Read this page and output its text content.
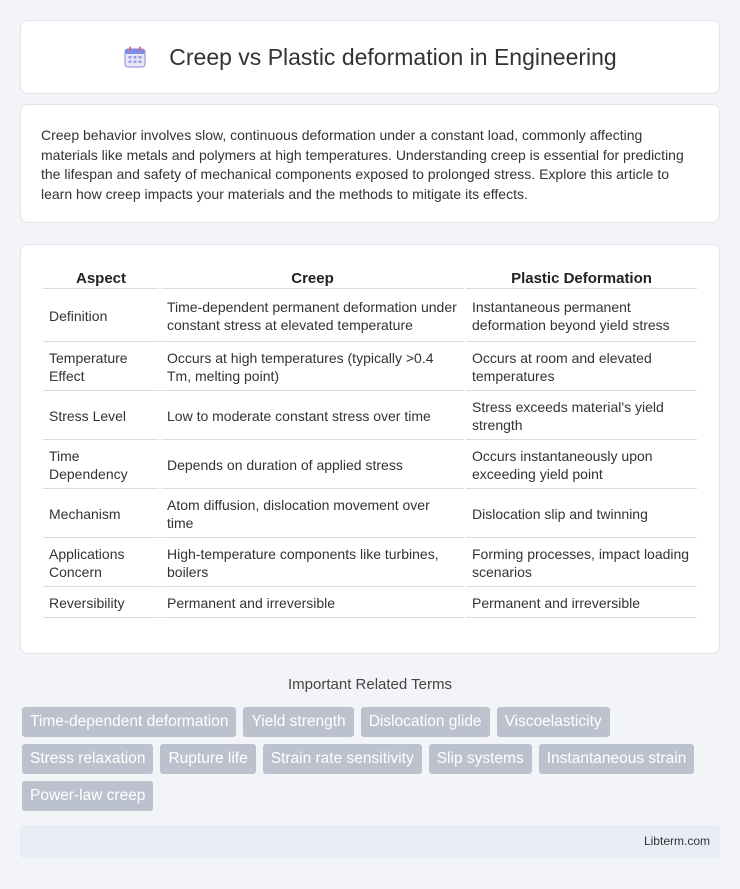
Creep vs Plastic deformation in Engineering

Creep behavior involves slow, continuous deformation under a constant load, commonly affecting materials like metals and polymers at high temperatures. Understanding creep is essential for predicting the lifespan and safety of mechanical components exposed to prolonged stress. Explore this article to learn how creep impacts your materials and the methods to mitigate its effects.

Aspect	Creep	Plastic Deformation
Definition	Time-dependent permanent deformation under constant stress at elevated temperature	Instantaneous permanent deformation beyond yield stress
Temperature Effect	Occurs at high temperatures (typically >0.4 Tm, melting point)	Occurs at room and elevated temperatures
Stress Level	Low to moderate constant stress over time	Stress exceeds material's yield strength
Time Dependency	Depends on duration of applied stress	Occurs instantaneously upon exceeding yield point
Mechanism	Atom diffusion, dislocation movement over time	Dislocation slip and twinning
Applications Concern	High-temperature components like turbines, boilers	Forming processes, impact loading scenarios
Reversibility	Permanent and irreversible	Permanent and irreversible
Important Related Terms
Time-dependent deformation	Yield strength	Dislocation glide	Viscoelasticity
Stress relaxation	Rupture life	Strain rate sensitivity	Slip systems	Instantaneous strain
Power-law creep
Libterm.com
